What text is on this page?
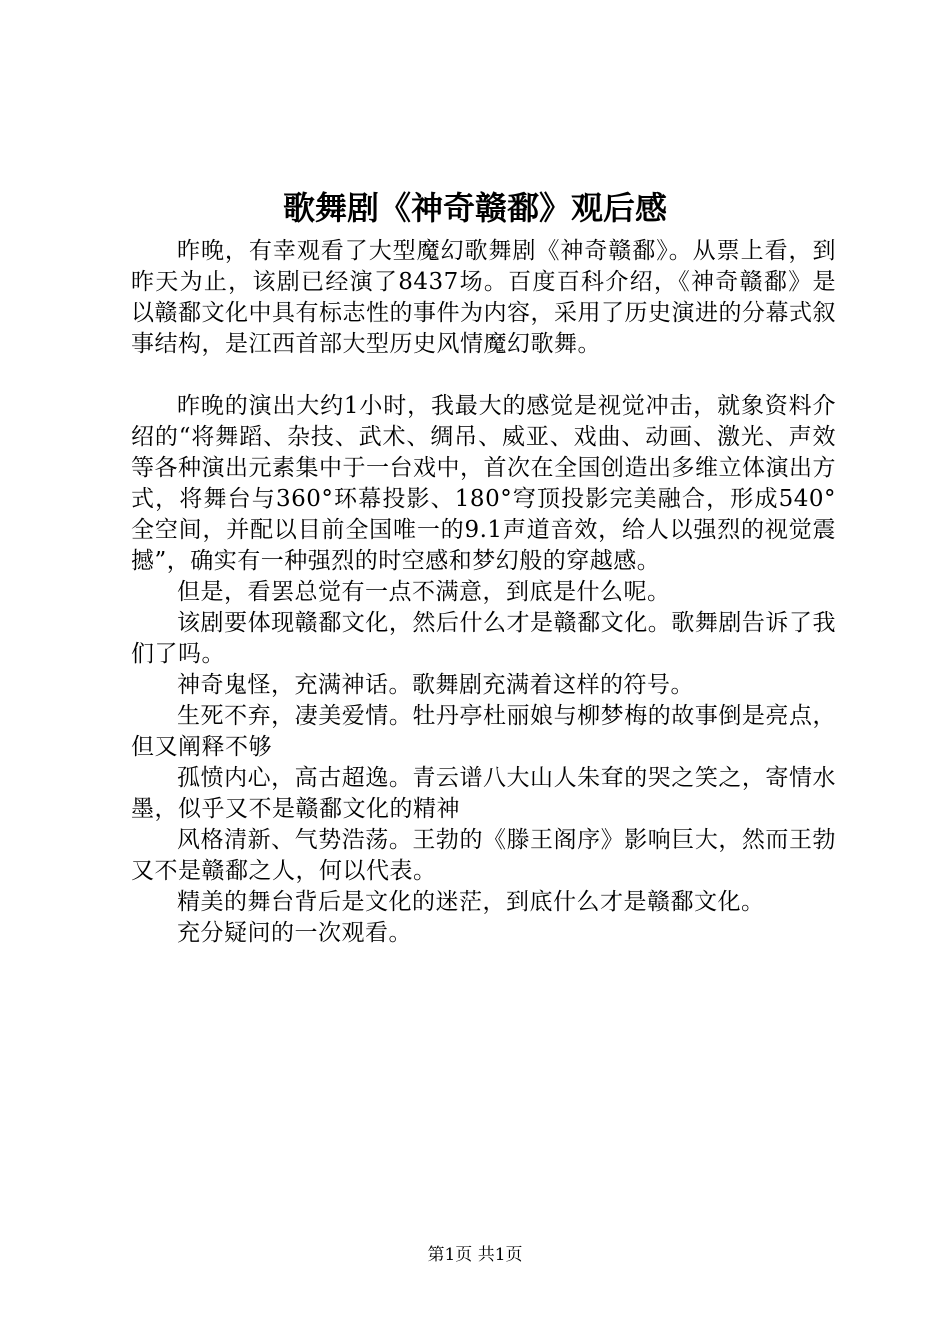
歌舞剧《神奇赣鄱》观后感

昨晚，有幸观看了大型魔幻歌舞剧《神奇赣鄱》。从票上看，到昨天为止，该剧已经演了8437场。百度百科介绍，《神奇赣鄱》是以赣鄱文化中具有标志性的事件为内容，采用了历史演进的分幕式叙事结构，是江西首部大型历史风情魔幻歌舞。

昨晚的演出大约1小时，我最大的感觉是视觉冲击，就象资料介绍的“将舞蹈、杂技、武术、绸吊、威亚、戏曲、动画、激光、声效等各种演出元素集中于一台戏中，首次在全国创造出多维立体演出方式，将舞台与360°环幕投影、180°穹顶投影完美融合，形成540°全空间，并配以目前全国唯一的9.1声道音效，给人以强烈的视觉震撼”，确实有一种强烈的时空感和梦幻般的穿越感。

但是，看罢总觉有一点不满意，到底是什么呢。

该剧要体现赣鄱文化，然后什么才是赣鄱文化。歌舞剧告诉了我们了吗。

神奇鬼怪，充满神话。歌舞剧充满着这样的符号。

生死不弃，凄美爱情。牡丹亭杜丽娘与柳梦梅的故事倒是亮点，但又阐释不够

孤愤内心，高古超逸。青云谱八大山人朱耷的哭之笑之，寄情水墨，似乎又不是赣鄱文化的精神

风格清新、气势浩荡。王勃的《滕王阁序》影响巨大，然而王勃又不是赣鄱之人，何以代表。

精美的舞台背后是文化的迷茫，到底什么才是赣鄱文化。

充分疑问的一次观看。

第1页 共1页
